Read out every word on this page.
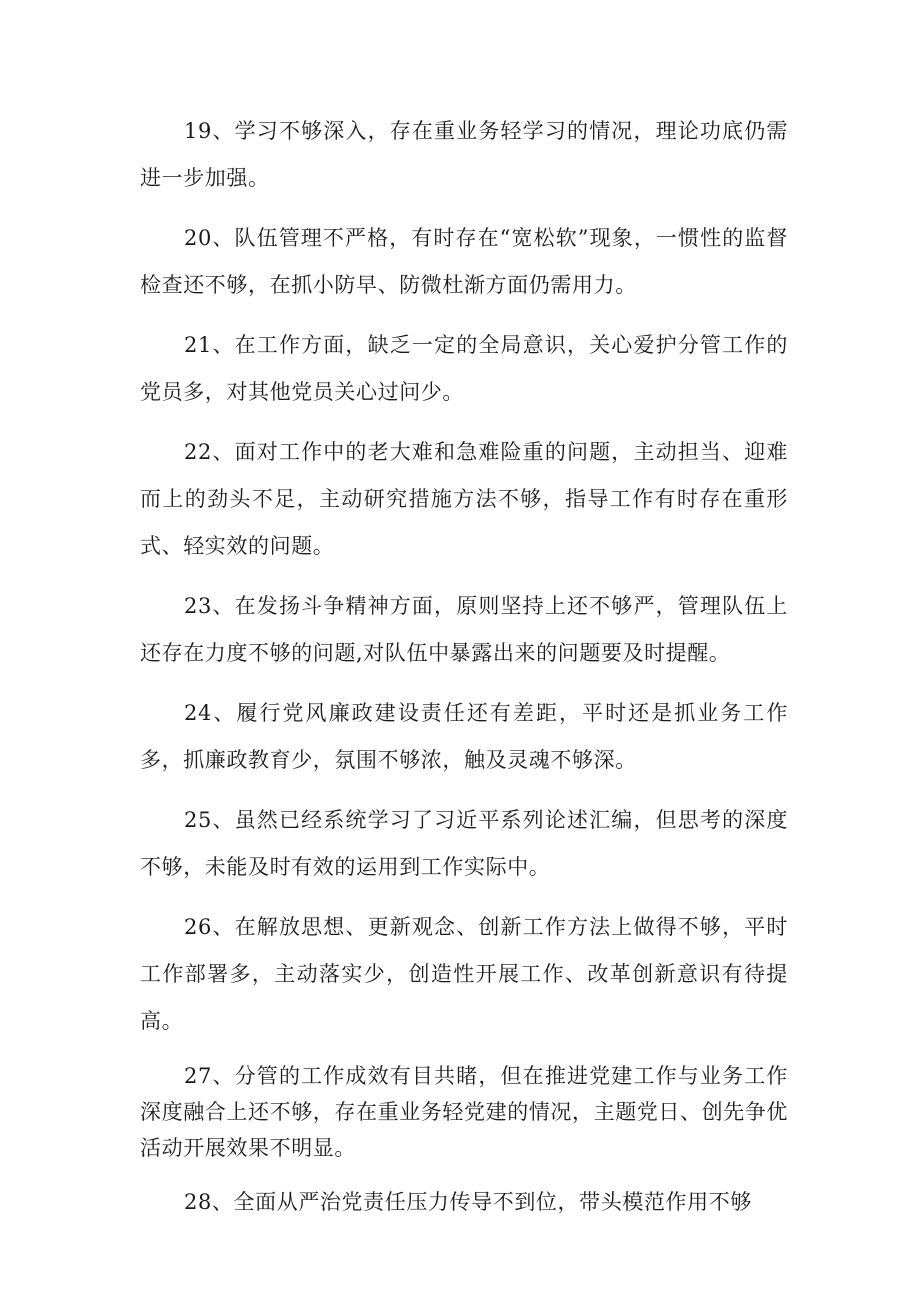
19、学习不够深入，存在重业务轻学习的情况，理论功底仍需进一步加强。

20、队伍管理不严格，有时存在“宽松软”现象，一惯性的监督检查还不够，在抓小防早、防微杜渐方面仍需用力。

21、在工作方面，缺乏一定的全局意识，关心爱护分管工作的党员多，对其他党员关心过问少。

22、面对工作中的老大难和急难险重的问题，主动担当、迎难而上的劲头不足，主动研究措施方法不够，指导工作有时存在重形式、轻实效的问题。

23、在发扬斗争精神方面，原则坚持上还不够严，管理队伍上还存在力度不够的问题,对队伍中暴露出来的问题要及时提醒。

24、履行党风廉政建设责任还有差距，平时还是抓业务工作多，抓廉政教育少，氛围不够浓，触及灵魂不够深。

25、虽然已经系统学习了习近平系列论述汇编，但思考的深度不够，未能及时有效的运用到工作实际中。

26、在解放思想、更新观念、创新工作方法上做得不够，平时工作部署多，主动落实少，创造性开展工作、改革创新意识有待提高。

27、分管的工作成效有目共睹，但在推进党建工作与业务工作深度融合上还不够，存在重业务轻党建的情况，主题党日、创先争优活动开展效果不明显。

28、全面从严治党责任压力传导不到位，带头模范作用不够
